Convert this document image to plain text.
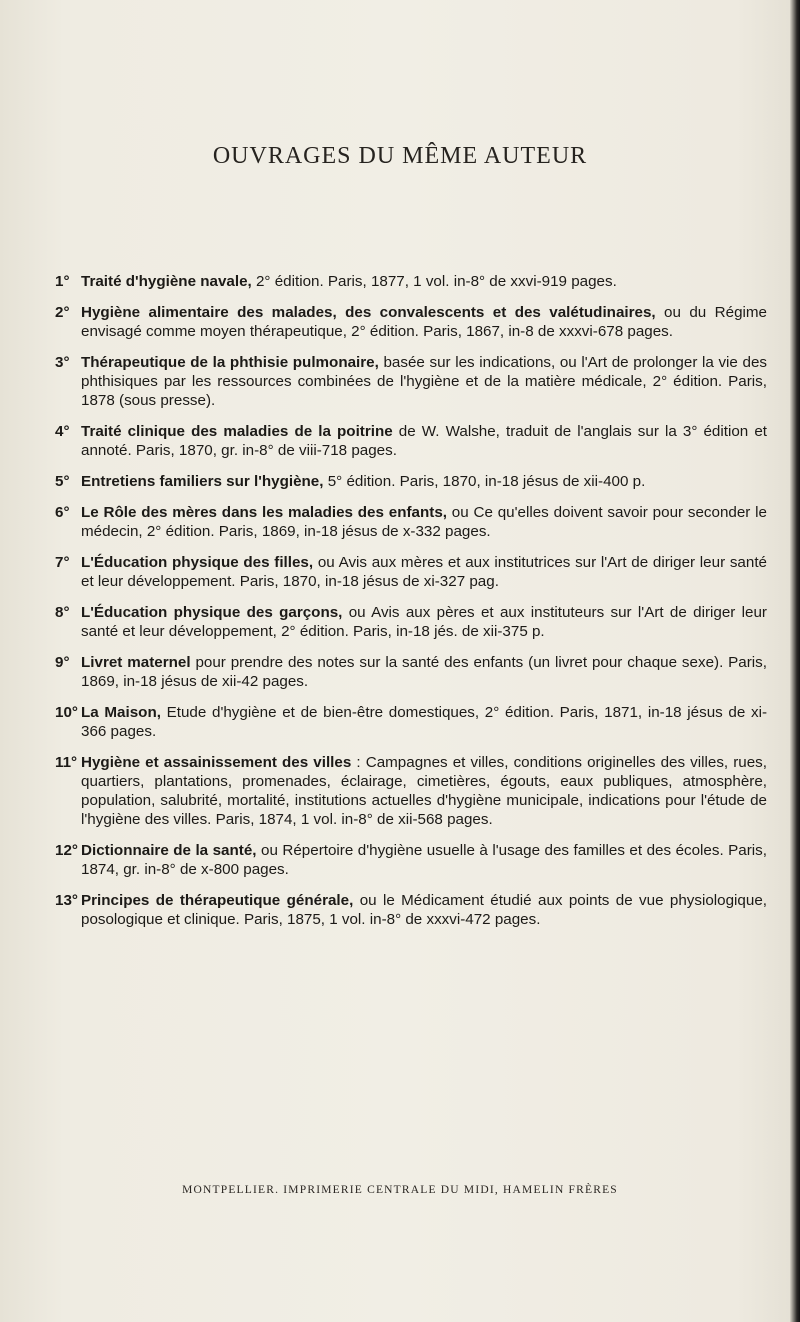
OUVRAGES DU MÊME AUTEUR
1° Traité d'hygiène navale, 2° édition. Paris, 1877, 1 vol. in-8° de xxvi-919 pages.
2° Hygiène alimentaire des malades, des convalescents et des valétudinaires, ou du Régime envisagé comme moyen thérapeutique, 2° édition. Paris, 1867, in-8 de xxxvi-678 pages.
3° Thérapeutique de la phthisie pulmonaire, basée sur les indications, ou l'Art de prolonger la vie des phthisiques par les ressources combinées de l'hygiène et de la matière médicale, 2° édition. Paris, 1878 (sous presse).
4° Traité clinique des maladies de la poitrine de W. Walshe, traduit de l'anglais sur la 3° édition et annoté. Paris, 1870, gr. in-8° de viii-718 pages.
5° Entretiens familiers sur l'hygiène, 5° édition. Paris, 1870, in-18 jésus de xii-400 p.
6° Le Rôle des mères dans les maladies des enfants, ou Ce qu'elles doivent savoir pour seconder le médecin, 2° édition. Paris, 1869, in-18 jésus de x-332 pages.
7° L'Éducation physique des filles, ou Avis aux mères et aux institutrices sur l'Art de diriger leur santé et leur développement. Paris, 1870, in-18 jésus de xi-327 pag.
8° L'Éducation physique des garçons, ou Avis aux pères et aux instituteurs sur l'Art de diriger leur santé et leur développement, 2° édition. Paris, in-18 jés. de xii-375 p.
9° Livret maternel pour prendre des notes sur la santé des enfants (un livret pour chaque sexe). Paris, 1869, in-18 jésus de xii-42 pages.
10° La Maison, Etude d'hygiène et de bien-être domestiques, 2° édition. Paris, 1871, in-18 jésus de xi-366 pages.
11° Hygiène et assainissement des villes : Campagnes et villes, conditions originelles des villes, rues, quartiers, plantations, promenades, éclairage, cimetières, égouts, eaux publiques, atmosphère, population, salubrité, mortalité, institutions actuelles d'hygiène municipale, indications pour l'étude de l'hygiène des villes. Paris, 1874, 1 vol. in-8° de xii-568 pages.
12° Dictionnaire de la santé, ou Répertoire d'hygiène usuelle à l'usage des familles et des écoles. Paris, 1874, gr. in-8° de x-800 pages.
13° Principes de thérapeutique générale, ou le Médicament étudié aux points de vue physiologique, posologique et clinique. Paris, 1875, 1 vol. in-8° de xxxvi-472 pages.
MONTPELLIER. IMPRIMERIE CENTRALE DU MIDI, HAMELIN FRÈRES
